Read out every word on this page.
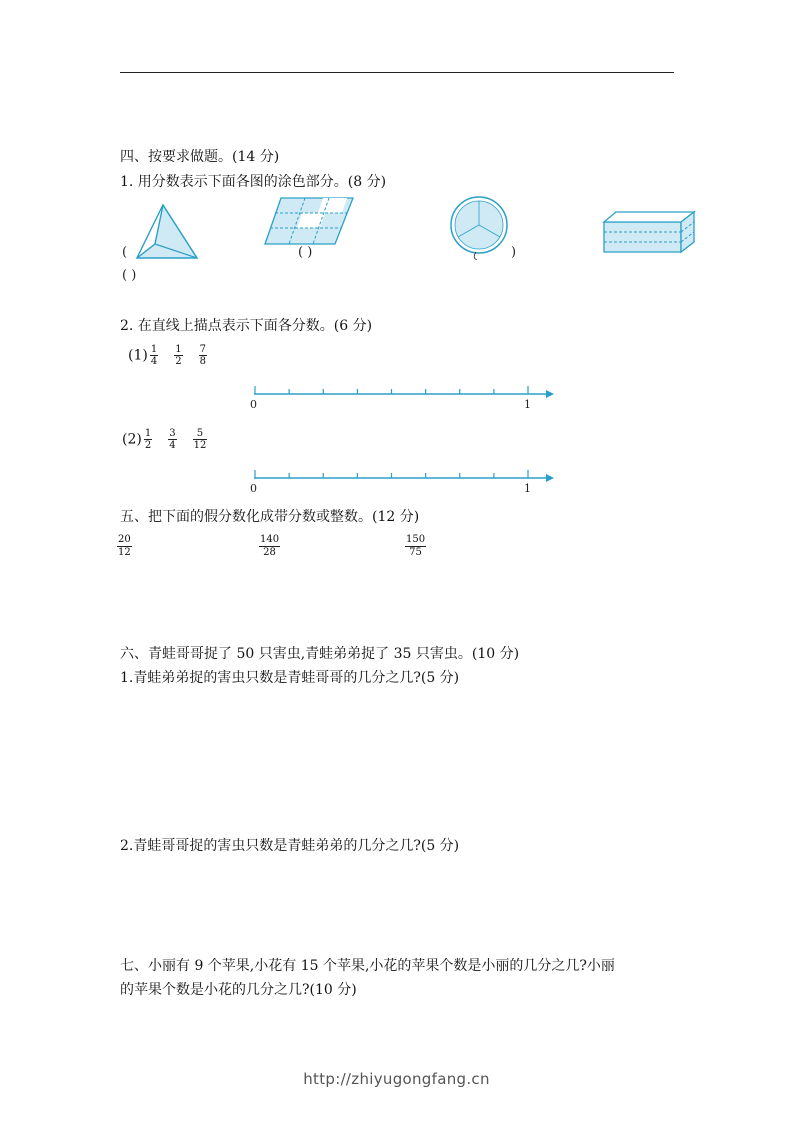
四、按要求做题。(14 分)
1. 用分数表示下面各图的涂色部分。(8 分)
(	( )
( )
)
2. 在直线上描点表示下面各分数。(6 分)
$(1) \frac{1}{4} \frac{1}{2} \frac{7}{8}$
0	1
$(2) \frac{1}{2} \frac{3}{4} \frac{5}{12}$
0	1
五、把下面的假分数化成带分数或整数。(12 分)
$\frac{20}{12}$	$\frac{140}{28}$	$\frac{150}{75}$
六、青蛙哥哥捉了 50 只害虫,青蛙弟弟捉了 35 只害虫。(10 分)
1.青蛙弟弟捉的害虫只数是青蛙哥哥的几分之几?(5 分)
2.青蛙哥哥捉的害虫只数是青蛙弟弟的几分之几?(5 分)
七、小丽有 9 个苹果,小花有 15 个苹果,小花的苹果个数是小丽的几分之几?小丽
的苹果个数是小花的几分之几?(10 分)
http://zhiyugongfang.cn
